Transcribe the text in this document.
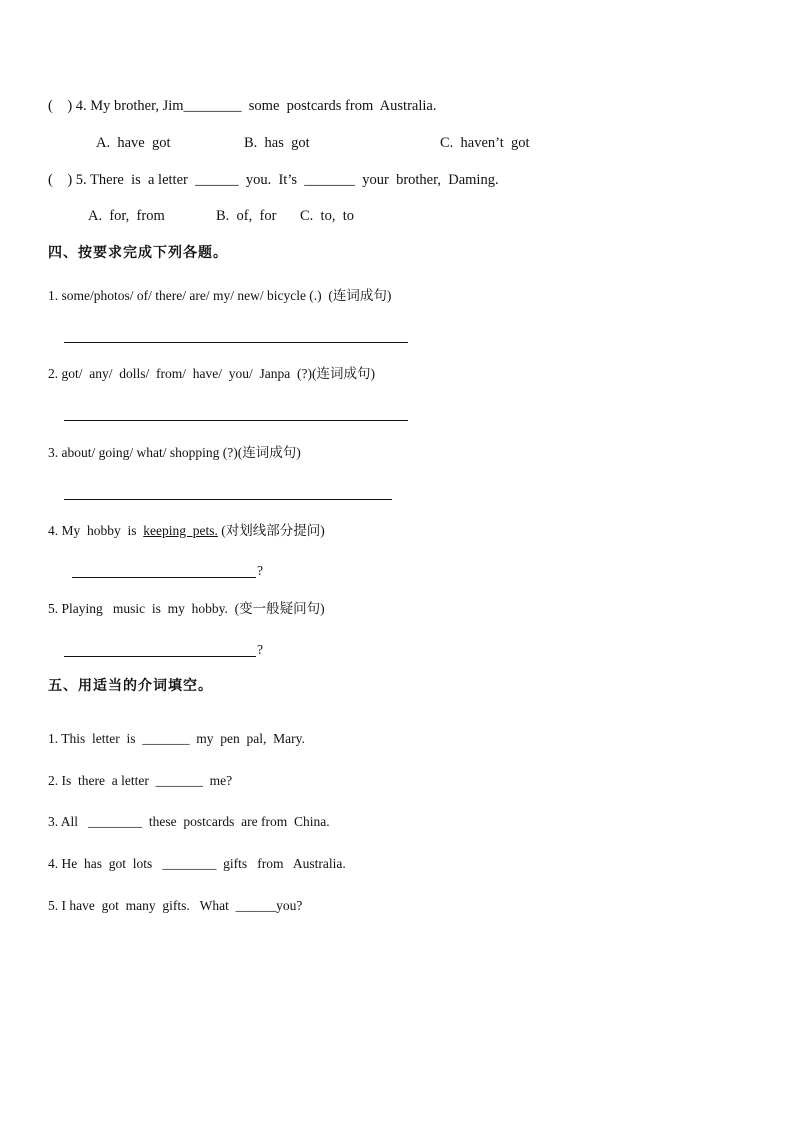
(    ) 4. My brother, Jim________  some  postcards from  Australia.
A.  have  got	B.  has  got	C.  haven’t  got
(    ) 5. There  is  a letter  ______  you.  It’s  _______  your  brother,  Daming.
A.  for,  from	B.  of,  for C.  to,  to
四、按要求完成下列各题。
1. some/photos/ of/ there/ are/ my/ new/ bicycle (.)  (连词成句)
2. got/  any/  dolls/  from/  have/  you/  Janpa  (?)(连词成句)
3. about/ going/ what/ shopping (?)(连词成句)
4. My  hobby  is  keeping  pets. (对划线部分提问)
?
5. Playing   music  is  my  hobby.  (变一般疑问句)
?
五、用适当的介词填空。
1. This  letter  is  _______  my  pen  pal,  Mary.
2. Is  there  a letter  _______  me?
3. All   ________  these  postcards  are from  China.
4. He  has  got  lots   ________  gifts   from   Australia.
5. I have  got  many  gifts.   What  ______you?
